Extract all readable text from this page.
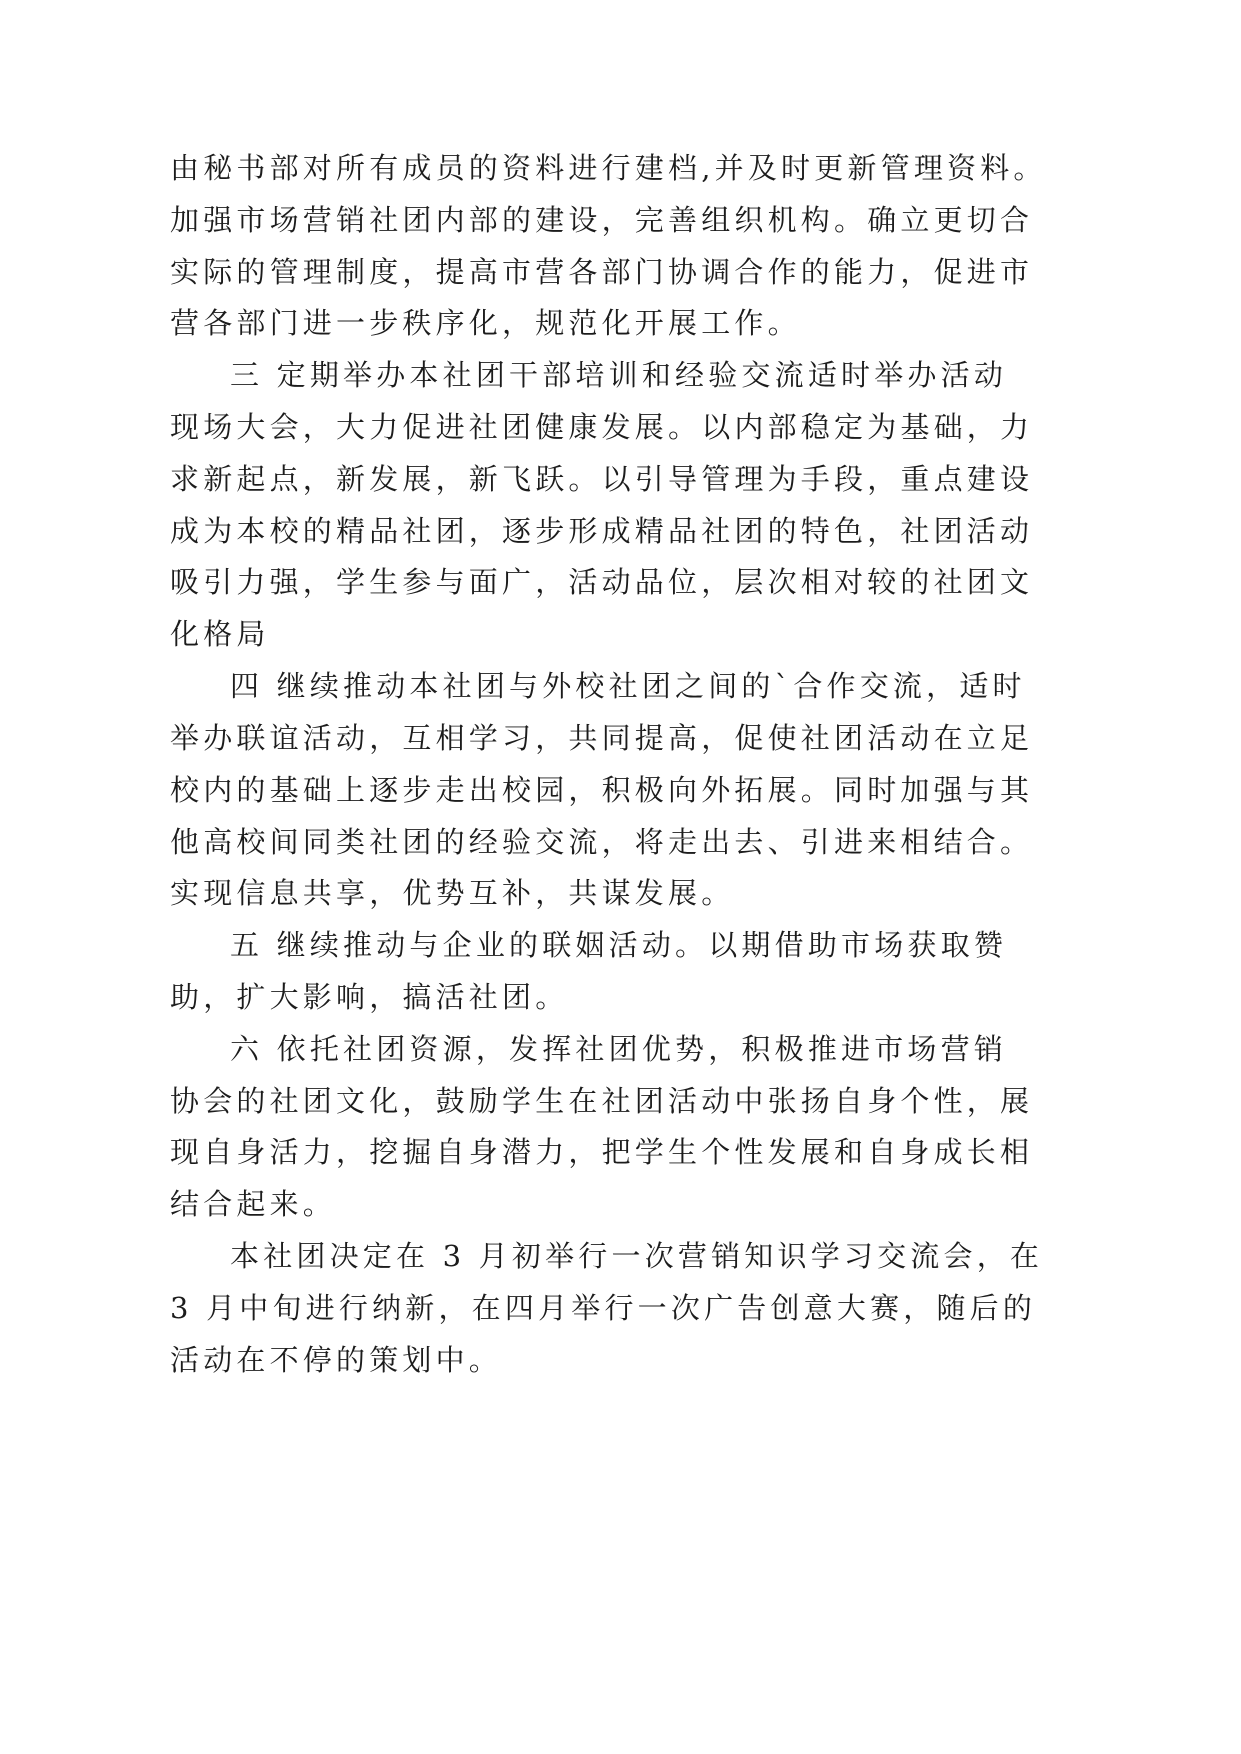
由秘书部对所有成员的资料进行建档,并及时更新管理资料。

加强市场营销社团内部的建设，完善组织机构。确立更切合

实际的管理制度，提高市营各部门协调合作的能力，促进市

营各部门进一步秩序化，规范化开展工作。

三 定期举办本社团干部培训和经验交流适时举办活动

现场大会，大力促进社团健康发展。以内部稳定为基础，力

求新起点，新发展，新飞跃。以引导管理为手段，重点建设

成为本校的精品社团，逐步形成精品社团的特色，社团活动

吸引力强，学生参与面广，活动品位，层次相对较的社团文

化格局

四 继续推动本社团与外校社团之间的`合作交流，适时

举办联谊活动，互相学习，共同提高，促使社团活动在立足

校内的基础上逐步走出校园，积极向外拓展。同时加强与其

他高校间同类社团的经验交流，将走出去、引进来相结合。

实现信息共享，优势互补，共谋发展。

五 继续推动与企业的联姻活动。以期借助市场获取赞

助，扩大影响，搞活社团。

六 依托社团资源，发挥社团优势，积极推进市场营销

协会的社团文化，鼓励学生在社团活动中张扬自身个性，展

现自身活力，挖掘自身潜力，把学生个性发展和自身成长相

结合起来。

本社团决定在 3 月初举行一次营销知识学习交流会，在

3 月中旬进行纳新，在四月举行一次广告创意大赛，随后的

活动在不停的策划中。
